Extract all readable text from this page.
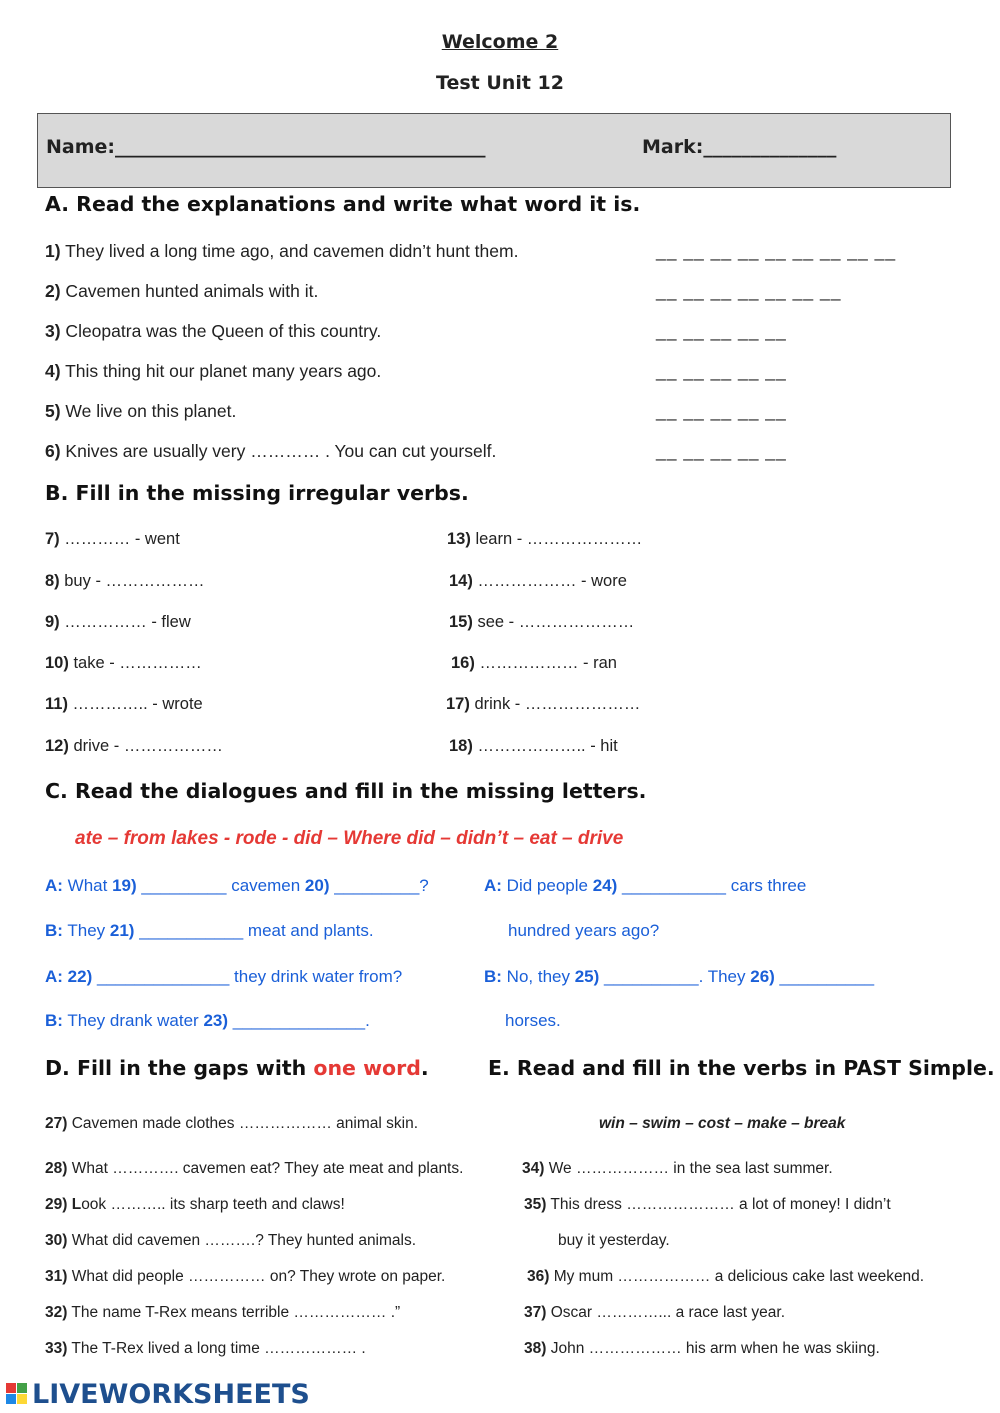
Welcome 2
Test Unit 12
Name:_______________________________________	Mark:______________
A. Read the explanations and write what word it is.
1) They lived a long time ago, and cavemen didn’t hunt them.	__ __ __ __ __ __ __ __ __
2) Cavemen hunted animals with it.	__ __ __ __ __ __ __
3) Cleopatra was the Queen of this country.	__ __ __ __ __
4) This thing hit our planet many years ago.	__ __ __ __ __
5) We live on this planet.	__ __ __ __ __
6) Knives are usually very ………… . You can cut yourself.	__ __ __ __ __
B. Fill in the missing irregular verbs.
7) ………… - went
8) buy - ………………
9) …………… - flew
10) take - ……………
11) ………….. - wrote
12) drive - ………………
13) learn - …………………
14) ……………… - wore
15) see - …………………
16) ……………… - ran
17) drink - …………………
18) ……………….. - hit
C. Read the dialogues and fill in the missing letters.
ate – from lakes - rode - did – Where did – didn’t – eat – drive
A: What 19) _________ cavemen 20) _________?
B: They 21) ___________ meat and plants.
A: 22) ______________ they drink water from?
B: They drank water 23) ______________.
A: Did people 24) ___________ cars three
hundred years ago?
B: No, they 25) __________. They 26) __________
horses.
D. Fill in the gaps with one word.	E. Read and fill in the verbs in PAST Simple.
win – swim – cost – make – break
27) Cavemen made clothes ……………… animal skin.
28) What …………. cavemen eat? They ate meat and plants.
29) Look ……….. its sharp teeth and claws!
30) What did cavemen ……….? They hunted animals.
31) What did people …………… on? They wrote on paper.
32) The name T-Rex means terrible ……………… .”
33) The T-Rex lived a long time ……………… .
34) We ……………… in the sea last summer.
35) This dress ………………… a lot of money! I didn’t
buy it yesterday.
36) My mum ……………… a delicious cake last weekend.
37) Oscar …………... a race last year.
38) John ……………… his arm when he was skiing.
LIVEWORKSHEETS
